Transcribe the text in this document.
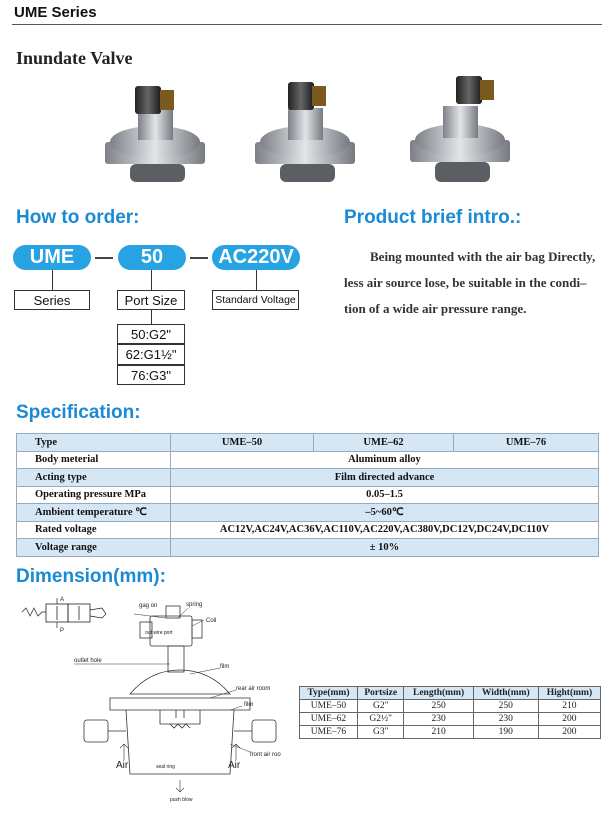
UME Series
Inundate Valve
How to order:
UME	50	AC220V
Series	Port Size	Standard Voltage
50:G2"
62:G1½"
76:G3"
Product brief intro.:

Being mounted with the air bag Directly, less air source lose, be suitable in the condi– tion of a wide air pressure range.

Specification:
Type	UME–50	UME–62	UME–76
Body meterial	Aluminum alloy		
Acting type	Film directed advance		
Operating pressure MPa	0.05–1.5		
Ambient temperature ℃	–5~60℃		
Rated voltage	AC12V,AC24V,AC36V,AC110V,AC220V,AC380V,DC12V,DC24V,DC110V		
Voltage range	± 10%		
Dimension(mm):
A
P	out wire port
gag on	spring
Coil
outlet hole
film
rear air room
film
seal ring
front air roo
Air	Air
push blow
Typе(mm)	Portsize	Length(mm)	Width(mm)	Hight(mm)
UME–50	G2"	250	250	210
UME–62	G2½"	230	230	200
UME–76	G3"	210	190	200
